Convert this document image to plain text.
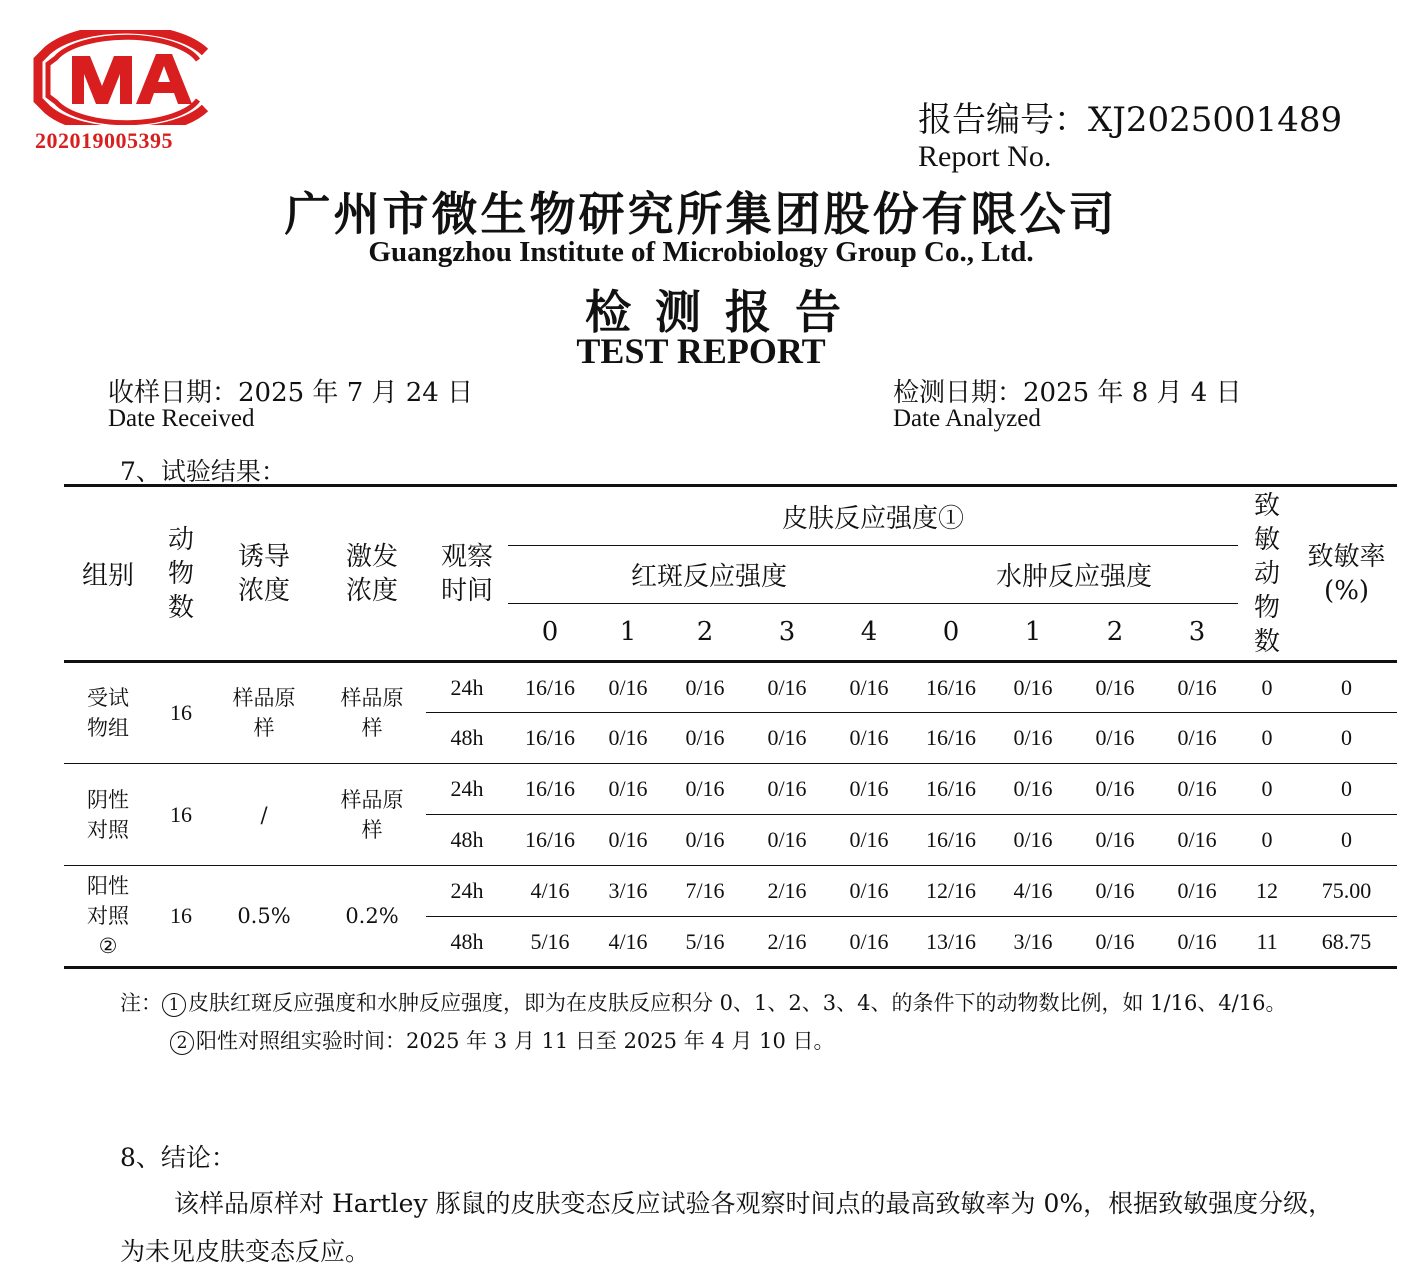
202019005395
报告编号：XJ2025001489
Report No.
广州市微生物研究所集团股份有限公司
Guangzhou Institute of Microbiology Group Co., Ltd.
检测报告
TEST REPORT
收样日期：2025 年 7 月 24 日
Date Received
检测日期：2025 年 8 月 4 日
Date Analyzed
7、试验结果：
组别	动物数	诱导浓度	激发浓度	观察时间	皮肤反应强度①									致敏动物数	致敏率(%)

					红斑反应强度					水肿反应强度					
					0	1	2	3	4	0	1	2	3		

受试
物组	16	样品原样	样品原样	24h	16/16	0/16	0/16	0/16	0/16	16/16	0/16	0/16	0/16	0	0
				48h	16/16	0/16	0/16	0/16	0/16	16/16	0/16	0/16	0/16	0	0

阴性
对照	16	/	样品原样	24h	16/16	0/16	0/16	0/16	0/16	16/16	0/16	0/16	0/16	0	0
				48h	16/16	0/16	0/16	0/16	0/16	16/16	0/16	0/16	0/16	0	0

阳性
对照
②	16	0.5%	0.2%	24h	4/16	3/16	7/16	2/16	0/16	12/16	4/16	0/16	0/16	12	75.00
				48h	5/16	4/16	5/16	2/16	0/16	13/16	3/16	0/16	0/16	11	68.75
注： 1 皮肤红斑反应强度和水肿反应强度，即为在皮肤反应积分 0、1、2、3、4、的条件下的动物数比例，如 1/16、4/16。
2 阳性对照组实验时间：2025 年 3 月 11 日至 2025 年 4 月 10 日。
8、结论：
该样品原样对 Hartley 豚鼠的皮肤变态反应试验各观察时间点的最高致敏率为 0%，根据致敏强度分级，为未见皮肤变态反应。
